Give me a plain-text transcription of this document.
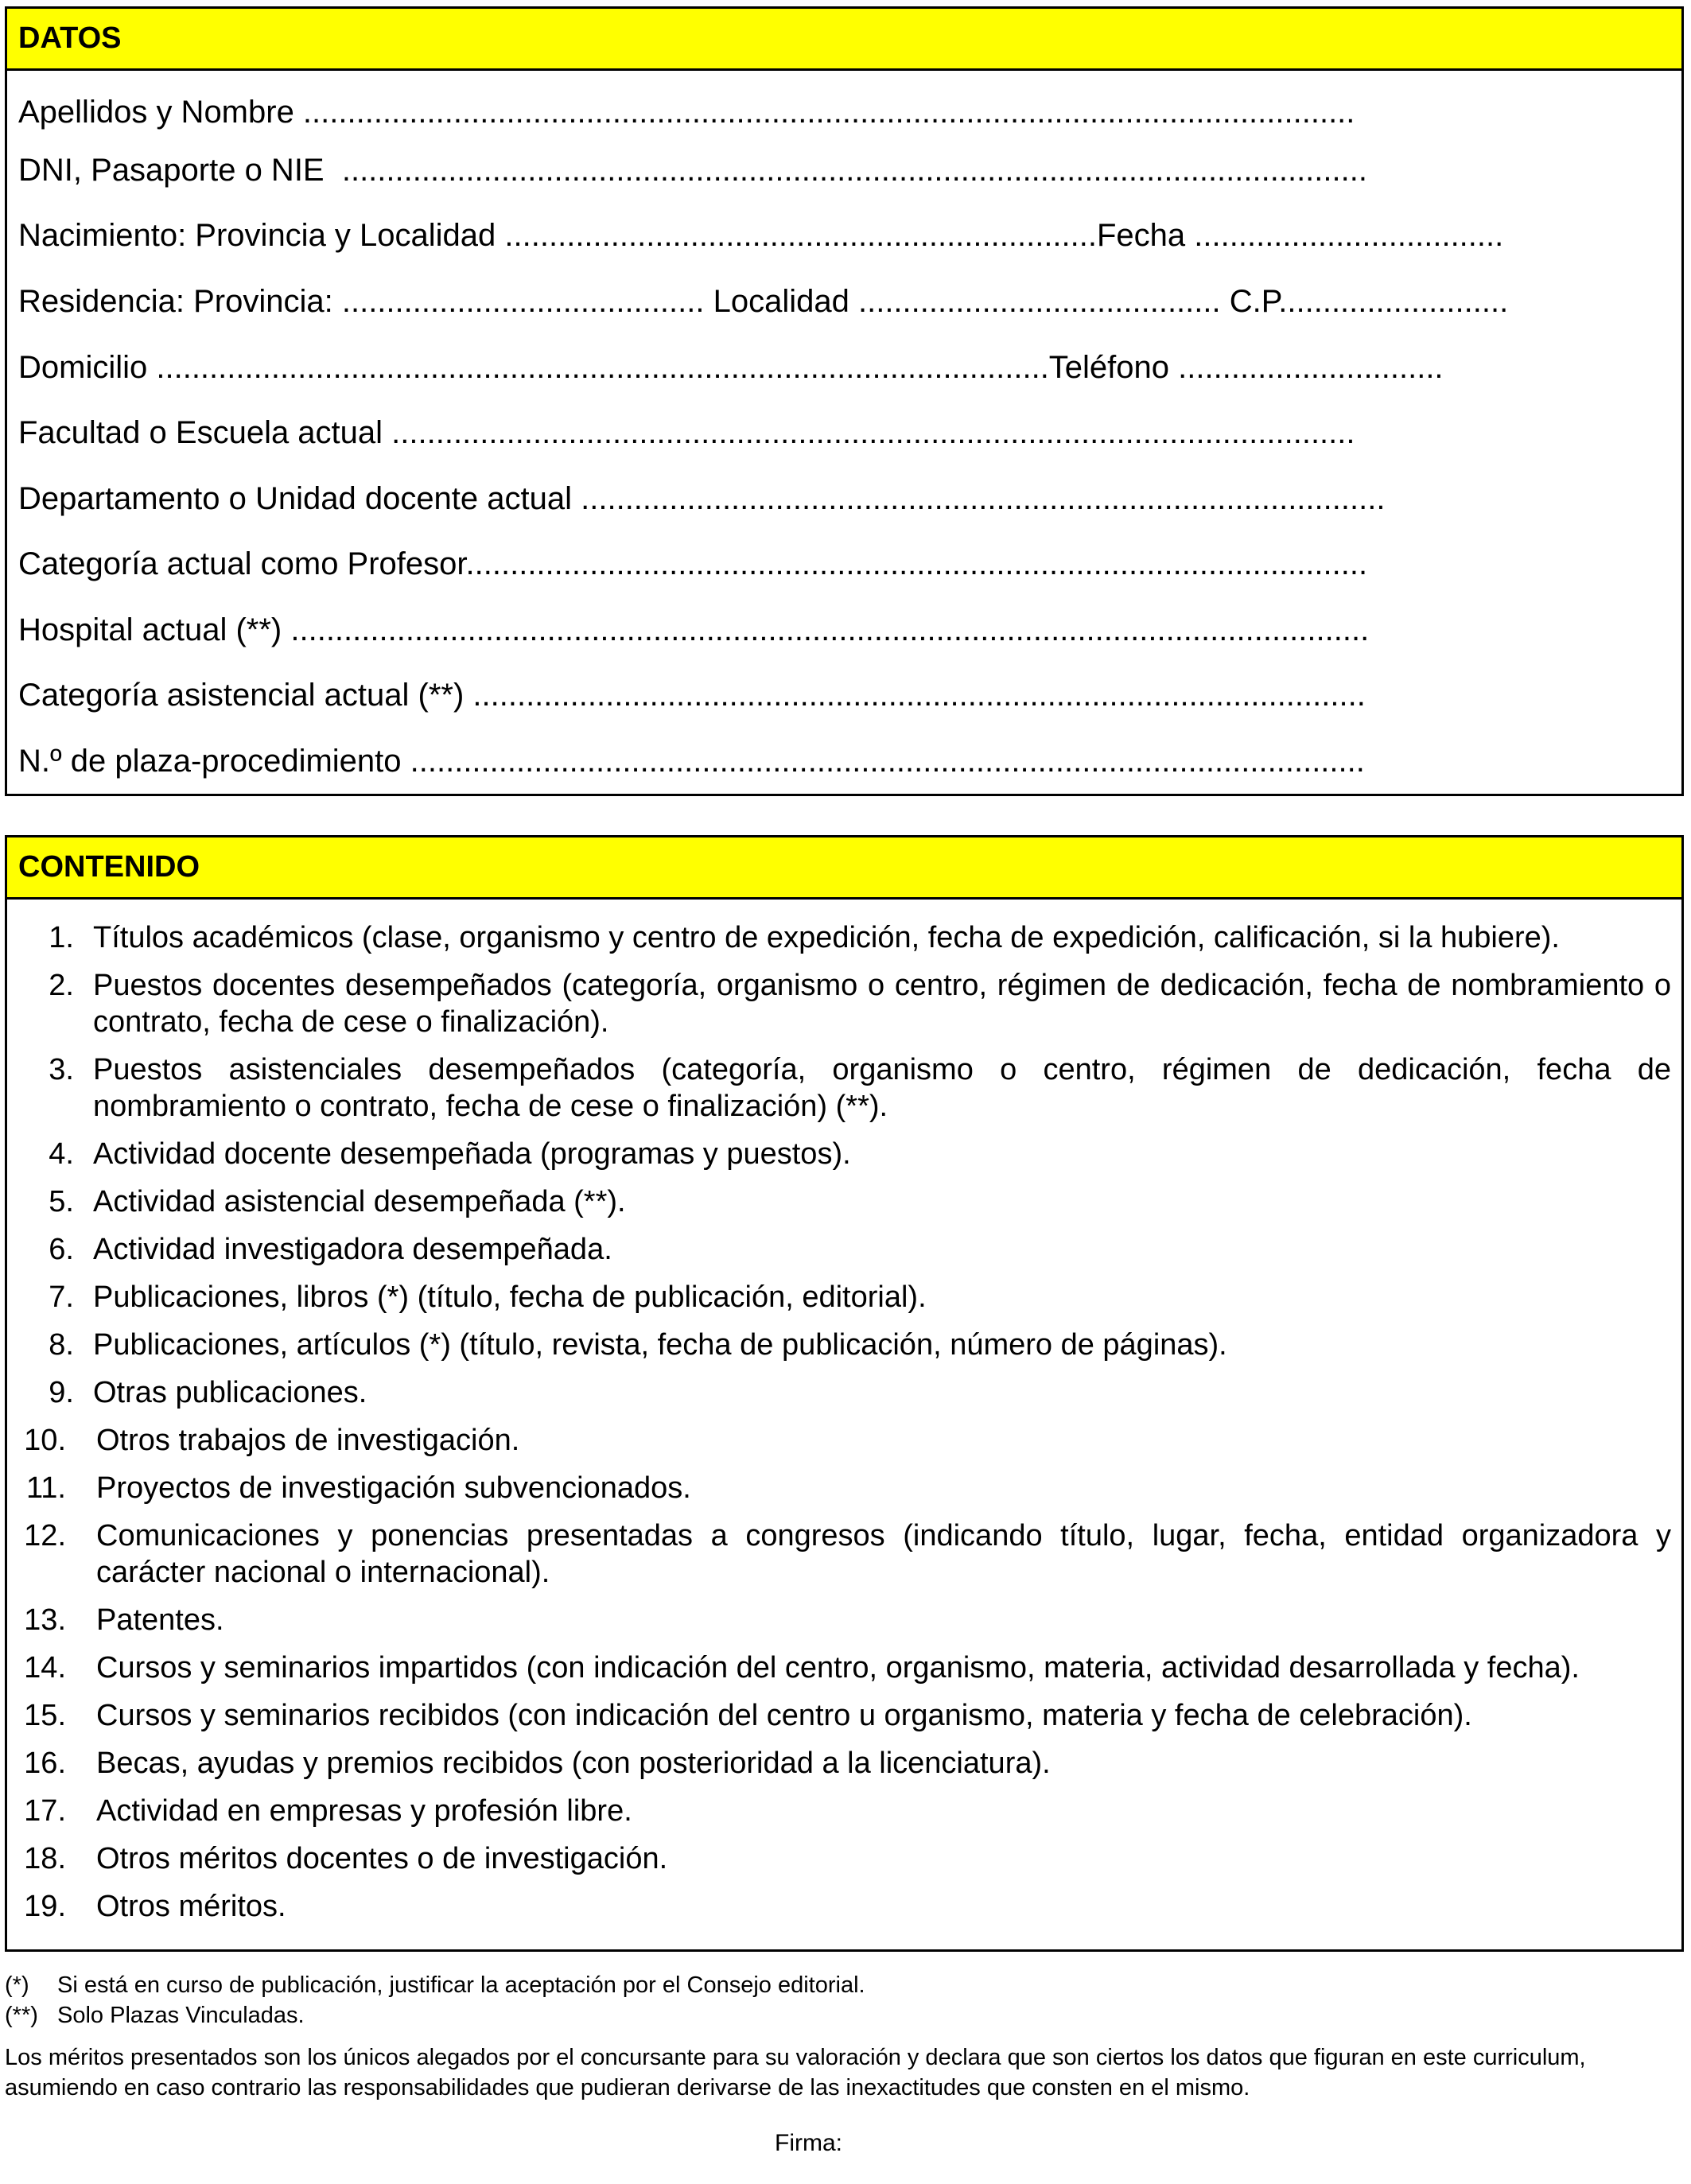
DATOS
Apellidos y Nombre .......................................................................................................................
DNI, Pasaporte o NIE  ....................................................................................................................
Nacimiento: Provincia y Localidad ...................................................................Fecha ...................................
Residencia: Provincia: ......................................... Localidad ......................................... C.P..........................
Domicilio .....................................................................................................Teléfono ..............................
Facultad o Escuela actual .............................................................................................................
Departamento o Unidad docente actual ...........................................................................................
Categoría actual como Profesor......................................................................................................
Hospital actual (**) ..........................................................................................................................
Categoría asistencial actual (**) .....................................................................................................
N.º de plaza-procedimiento ............................................................................................................
CONTENIDO
1. Títulos académicos (clase, organismo y centro de expedición, fecha de expedición, calificación, si la hubiere).
2. Puestos docentes desempeñados (categoría, organismo o centro, régimen de dedicación, fecha de nombramiento o contrato, fecha de cese o finalización).
3. Puestos asistenciales desempeñados (categoría, organismo o centro, régimen de dedicación, fecha de nombramiento o contrato, fecha de cese o finalización) (**).
4. Actividad docente desempeñada (programas y puestos).
5. Actividad asistencial desempeñada (**).
6. Actividad investigadora desempeñada.
7. Publicaciones, libros (*) (título, fecha de publicación, editorial).
8. Publicaciones, artículos (*) (título, revista, fecha de publicación, número de páginas).
9. Otras publicaciones.
10. Otros trabajos de investigación.
11. Proyectos de investigación subvencionados.
12. Comunicaciones y ponencias presentadas a congresos (indicando título, lugar, fecha, entidad organizadora y carácter nacional o internacional).
13. Patentes.
14. Cursos y seminarios impartidos (con indicación del centro, organismo, materia, actividad desarrollada y fecha).
15. Cursos y seminarios recibidos (con indicación del centro u organismo, materia y fecha de celebración).
16. Becas, ayudas y premios recibidos (con posterioridad a la licenciatura).
17. Actividad en empresas y profesión libre.
18. Otros méritos docentes o de investigación.
19. Otros méritos.
(*) Si está en curso de publicación, justificar la aceptación por el Consejo editorial.
(**) Solo Plazas Vinculadas.
Los méritos presentados son los únicos alegados por el concursante para su valoración y declara que son ciertos los datos que figuran en este curriculum, asumiendo en caso contrario las responsabilidades que pudieran derivarse de las inexactitudes que consten en el mismo.
Firma:
